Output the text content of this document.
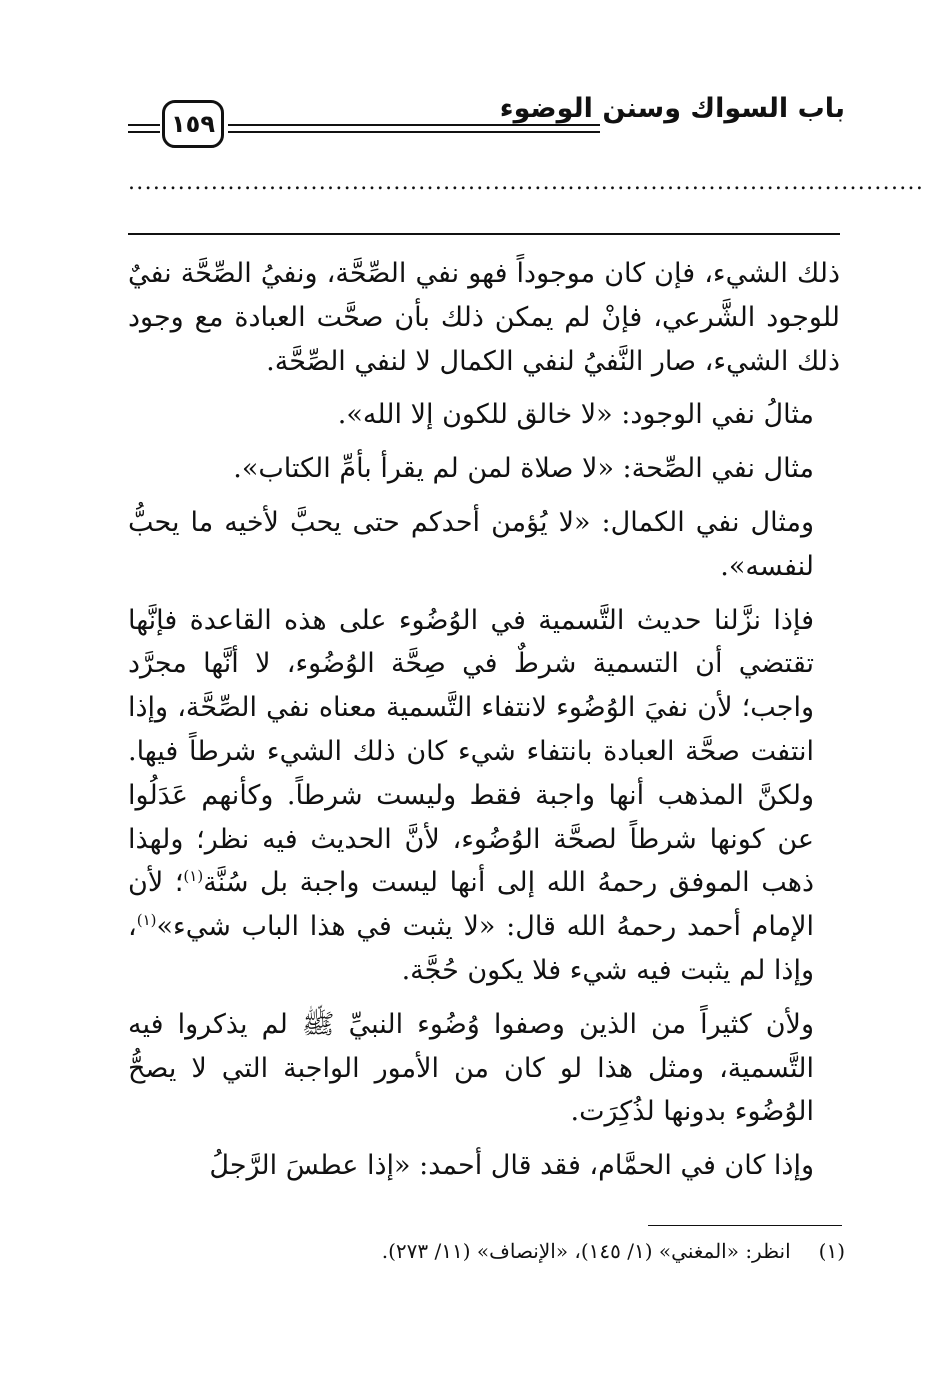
باب السواك وسنن الوضوء
١٥٩
................................................................................................

ذلك الشيء، فإن كان موجوداً فهو نفي الصِّحَّة، ونفيُ الصِّحَّة نفيٌ للوجود الشَّرعي، فإنْ لم يمكن ذلك بأن صحَّت العبادة مع وجود ذلك الشيء، صار النَّفيُ لنفي الكمال لا لنفي الصِّحَّة.

مثالُ نفي الوجود: «لا خالق للكون إلا الله».

مثال نفي الصِّحة: «لا صلاة لمن لم يقرأ بأمِّ الكتاب».

ومثال نفي الكمال: «لا يُؤمن أحدكم حتى يحبَّ لأخيه ما يحبُّ لنفسه».

فإذا نزَّلنا حديث التَّسمية في الوُضُوء على هذه القاعدة فإنَّها تقتضي أن التسمية شرطٌ في صِحَّة الوُضُوء، لا أنَّها مجرَّد واجب؛ لأن نفيَ الوُضُوء لانتفاء التَّسمية معناه نفي الصِّحَّة، وإذا انتفت صحَّة العبادة بانتفاء شيء كان ذلك الشيء شرطاً فيها. ولكنَّ المذهب أنها واجبة فقط وليست شرطاً. وكأنهم عَدَلُوا عن كونها شرطاً لصحَّة الوُضُوء، لأنَّ الحديث فيه نظر؛ ولهذا ذهب الموفق رحمهُ الله إلى أنها ليست واجبة بل سُنَّة$^{(١)}$؛ لأن الإمام أحمد رحمهُ الله قال: «لا يثبت في هذا الباب شيء»$^{(١)}$، وإذا لم يثبت فيه شيء فلا يكون حُجَّة.

ولأن كثيراً من الذين وصفوا وُضُوء النبيِّ ﷺ لم يذكروا فيه التَّسمية، ومثل هذا لو كان من الأمور الواجبة التي لا يصحُّ الوُضُوء بدونها لذُكِرَت.

وإذا كان في الحمَّام، فقد قال أحمد: «إذا عطسَ الرَّجلُ

(١)انظر: «المغني» (١/ ١٤٥)، «الإنصاف» (١١/ ٢٧٣).
